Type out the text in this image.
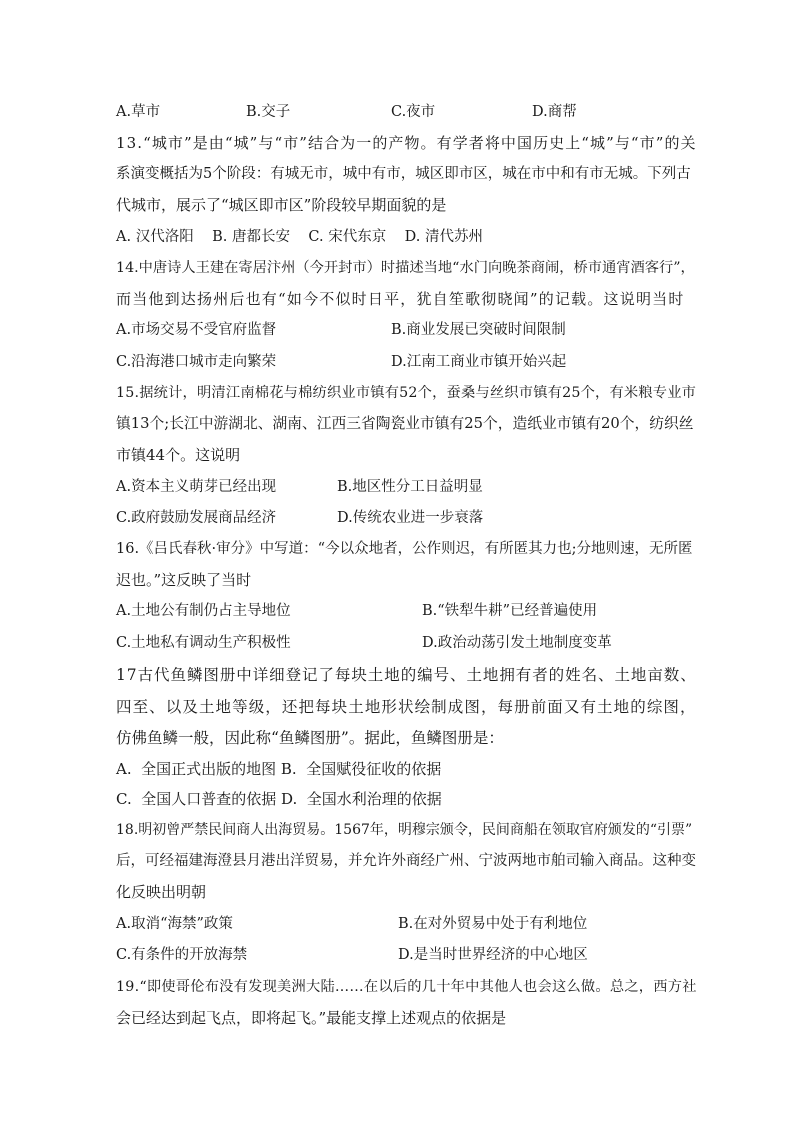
A.草市	B.交子	C.夜市	D.商帮
13.“城市”是由“城”与“市”结合为一的产物。有学者将中国历史上“城”与“市”的关
系演变概括为5个阶段：有城无市，城中有市，城区即市区，城在市中和有市无城。下列古
代城市，展示了“城区即市区”阶段较早期面貌的是
A. 汉代洛阳    B. 唐都长安    C. 宋代东京    D. 清代苏州
14.中唐诗人王建在寄居汴州（今开封市）时描述当地“水门向晚茶商闹，桥市通宵酒客行”，
而当他到达扬州后也有“如今不似时日平，犹自笙歌彻晓闻”的记载。这说明当时
A.市场交易不受官府监督	B.商业发展已突破时间限制
C.沿海港口城市走向繁荣	D.江南工商业市镇开始兴起
15.据统计，明清江南棉花与棉纺织业市镇有52个，蚕桑与丝织市镇有25个，有米粮专业市
镇13个;长江中游湖北、湖南、江西三省陶瓷业市镇有25个，造纸业市镇有20个，纺织丝
市镇44个。这说明
A.资本主义萌芽已经出现	B.地区性分工日益明显
C.政府鼓励发展商品经济	D.传统农业进一步衰落
16.《吕氏春秋·审分》中写道：“今以众地者，公作则迟，有所匿其力也;分地则速，无所匿
迟也。”这反映了当时
A.土地公有制仍占主导地位	B.“铁犁牛耕”已经普遍使用
C.土地私有调动生产积极性	D.政治动荡引发土地制度变革
17古代鱼鳞图册中详细登记了每块土地的编号、土地拥有者的姓名、土地亩数、
四至、以及土地等级，还把每块土地形状绘制成图，每册前面又有土地的综图，
仿佛鱼鳞一般，因此称“鱼鳞图册”。据此，鱼鳞图册是：
A.  全国正式出版的地图 B.  全国赋役征收的依据
C.  全国人口普查的依据 D.  全国水利治理的依据
18.明初曾严禁民间商人出海贸易。1567年，明穆宗颁令，民间商船在领取官府颁发的“引票”
后，可经福建海澄县月港出洋贸易，并允许外商经广州、宁波两地市舶司输入商品。这种变
化反映出明朝
A.取消“海禁”政策	B.在对外贸易中处于有利地位
C.有条件的开放海禁	D.是当时世界经济的中心地区
19.“即使哥伦布没有发现美洲大陆……在以后的几十年中其他人也会这么做。总之，西方社
会已经达到起飞点，即将起飞。”最能支撑上述观点的依据是
